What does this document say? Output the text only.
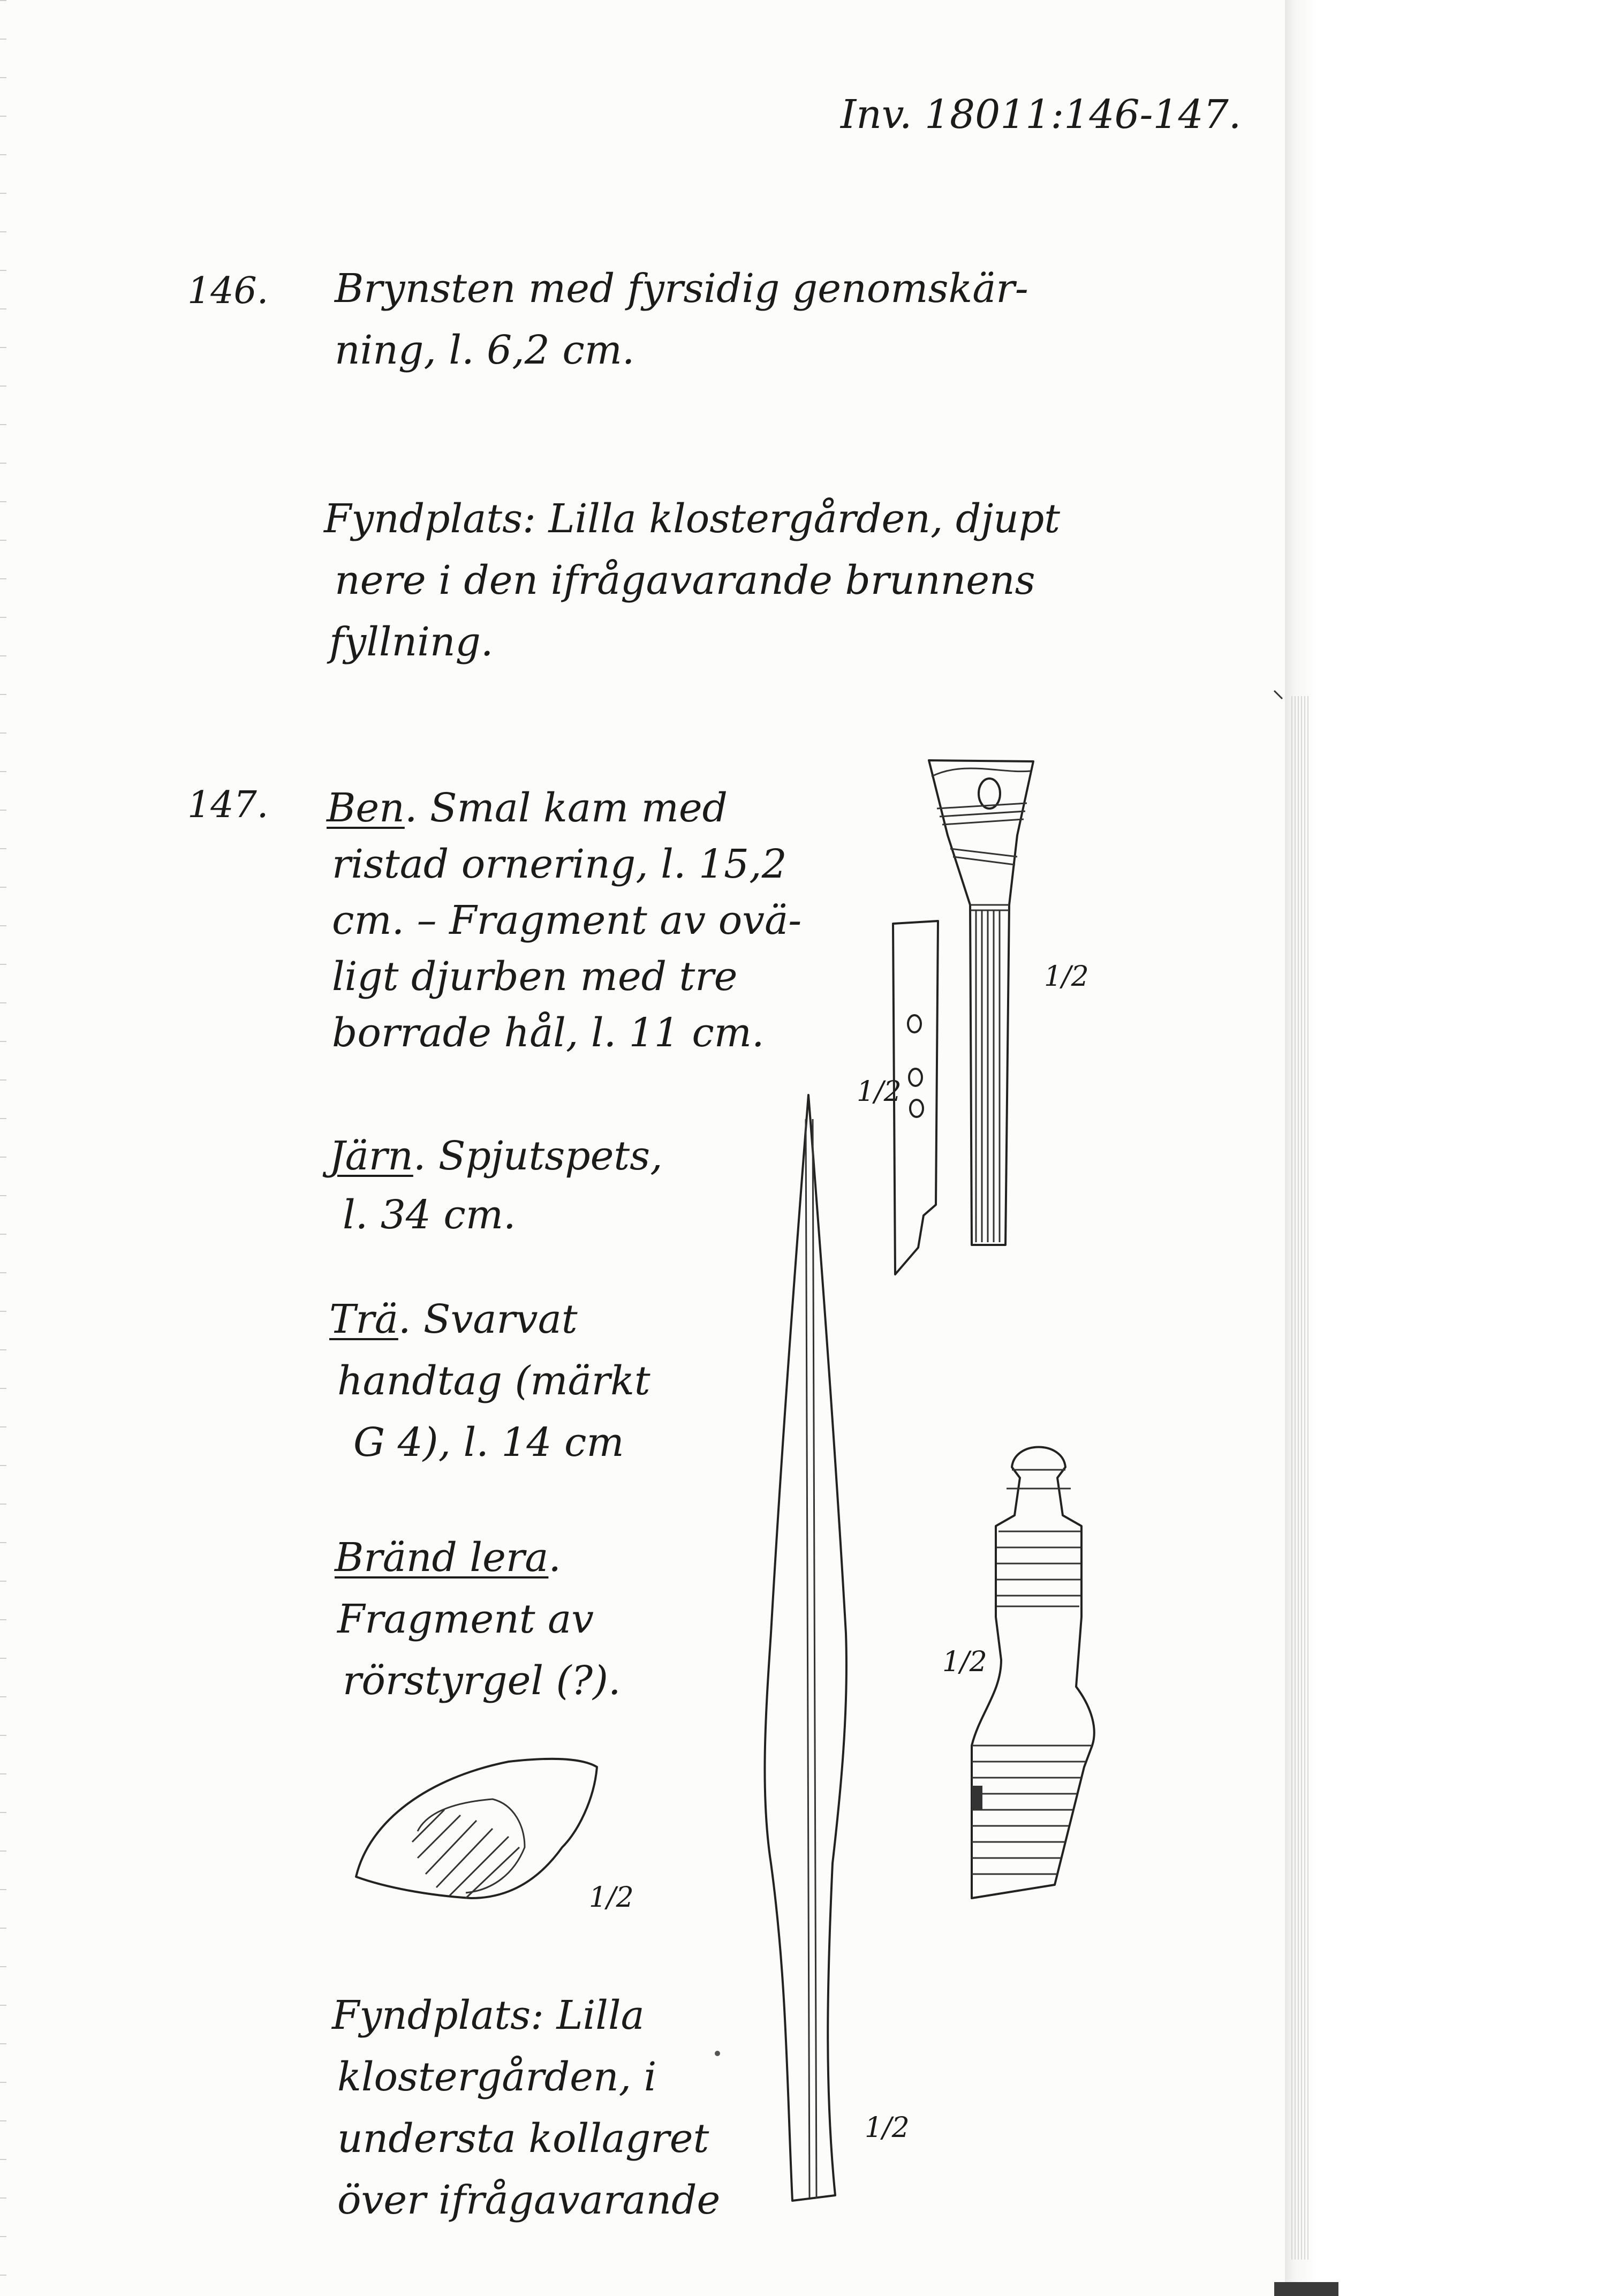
Inv. 18011:146-147.

146. Brynsten med fyrsidig genomskär-

ning, l. 6,2 cm.

Fyndplats: Lilla klostergården, djupt

nere i den ifrågavarande brunnens

fyllning.

147. Ben. Smal kam med

ristad ornering, l. 15,2

cm. – Fragment av ovä-

ligt djurben med tre

borrade hål, l. 11 cm.

Järn. Spjutspets,

l. 34 cm.

Trä. Svarvat

handtag (märkt

G 4), l. 14 cm

Bränd lera.

Fragment av

rörstyrgel (?).

Fyndplats: Lilla

klostergården, i

understa kollagret

över ifrågavarande

1/2

1/2

1/2

1/2

1/2
